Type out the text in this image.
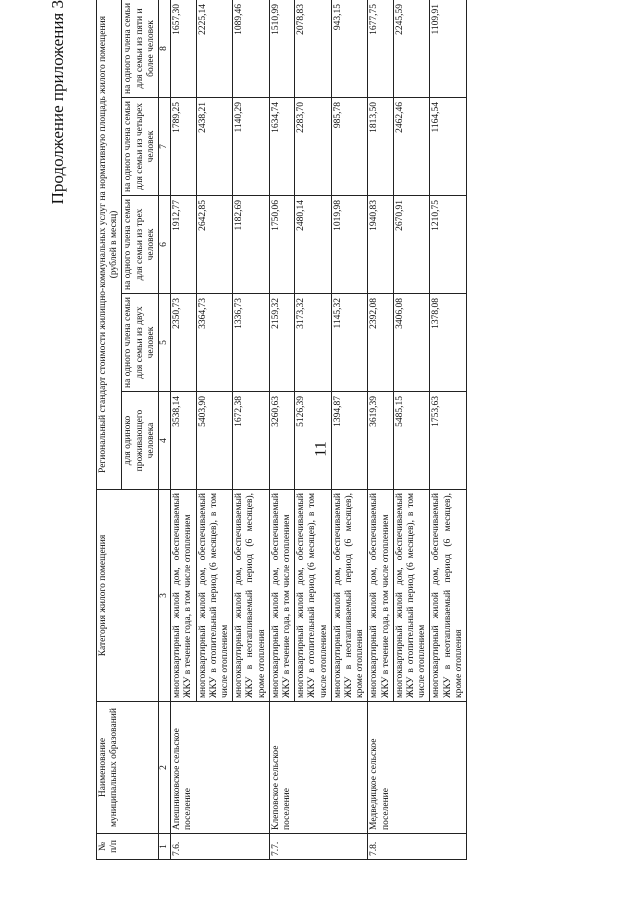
11
Продолжение приложения 3
№ п/п	Наименование муниципальных образований	Категория жилого помещения	Региональный стандарт стоимости жилищно-коммунальных услуг на нормативную площадь жилого помещения (рублей в месяц)				
			для одиноко проживающего человека	на одного члена семьи для семьи из двух человек	на одного члена семьи для семьи из трех человек	на одного члена семьи для семьи из четырех человек	на одного члена семьи для семьи из пяти и более человек
1	2	3	4	5	6	7	8
7.6.	Апешниковское сельское поселение	многоквартирный жилой дом, обеспечиваемый ЖКУ в течение года, в том числе отоплением	3538,14	2350,73	1912,77	1789,25	1657,30
		многоквартирный жилой дом, обеспечиваемый ЖКУ в отопительный период (6 месяцев), в том числе отоплением	5403,90	3364,73	2642,85	2438,21	2225,14
		многоквартирный жилой дом, обеспечиваемый ЖКУ в неотапливаемый период (6 месяцев), кроме отопления	1672,38	1336,73	1182,69	1140,29	1089,46
7.7.	Клеповское сельское поселение	многоквартирный жилой дом, обеспечиваемый ЖКУ в течение года, в том числе отоплением	3260,63	2159,32	1750,06	1634,74	1510,99
		многоквартирный жилой дом, обеспечиваемый ЖКУ в отопительный период (6 месяцев), в том числе отоплением	5126,39	3173,32	2480,14	2283,70	2078,83
		многоквартирный жилой дом, обеспечиваемый ЖКУ в неотапливаемый период (6 месяцев), кроме отопления	1394,87	1145,32	1019,98	985,78	943,15
7.8.	Медведицкое сельское поселение	многоквартирный жилой дом, обеспечиваемый ЖКУ в течение года, в том числе отоплением	3619,39	2392,08	1940,83	1813,50	1677,75
		многоквартирный жилой дом, обеспечиваемый ЖКУ в отопительный период (6 месяцев), в том числе отоплением	5485,15	3406,08	2670,91	2462,46	2245,59
		многоквартирный жилой дом, обеспечиваемый ЖКУ в неотапливаемый период (6 месяцев), кроме отопления	1753,63	1378,08	1210,75	1164,54	1109,91
